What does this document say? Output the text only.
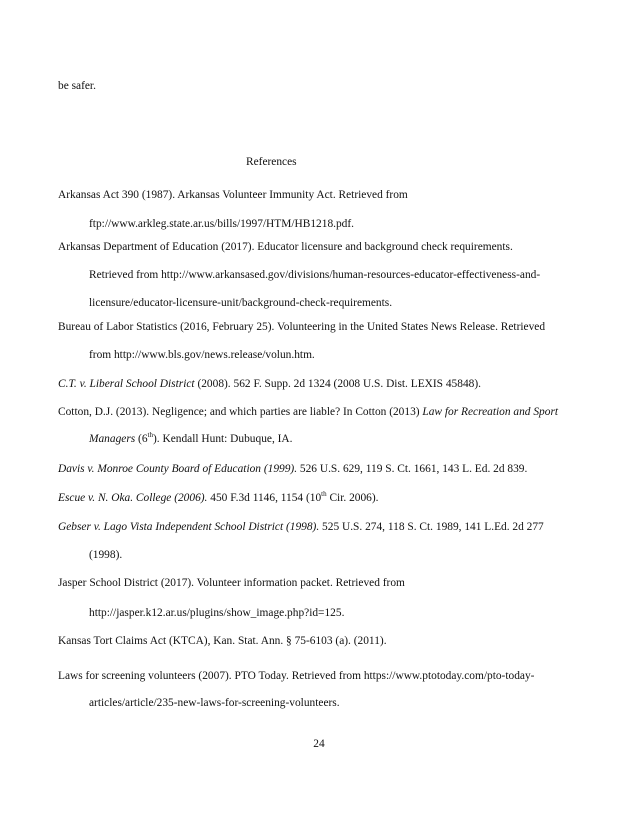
be safer.
References
Arkansas Act 390 (1987). Arkansas Volunteer Immunity Act. Retrieved from
ftp://www.arkleg.state.ar.us/bills/1997/HTM/HB1218.pdf.
Arkansas Department of Education (2017). Educator licensure and background check requirements.
Retrieved from http://www.arkansased.gov/divisions/human-resources-educator-effectiveness-and-
licensure/educator-licensure-unit/background-check-requirements.
Bureau of Labor Statistics (2016, February 25). Volunteering in the United States News Release. Retrieved
from http://www.bls.gov/news.release/volun.htm.
C.T. v. Liberal School District (2008). 562 F. Supp. 2d 1324 (2008 U.S. Dist. LEXIS 45848).
Cotton, D.J. (2013). Negligence; and which parties are liable? In Cotton (2013) Law for Recreation and Sport
Managers (6th). Kendall Hunt: Dubuque, IA.
Davis v. Monroe County Board of Education (1999). 526 U.S. 629, 119 S. Ct. 1661, 143 L. Ed. 2d 839.
Escue v. N. Oka. College (2006). 450 F.3d 1146, 1154 (10th Cir. 2006).
Gebser v. Lago Vista Independent School District (1998). 525 U.S. 274, 118 S. Ct. 1989, 141 L.Ed. 2d 277
(1998).
Jasper School District (2017). Volunteer information packet. Retrieved from
http://jasper.k12.ar.us/plugins/show_image.php?id=125.
Kansas Tort Claims Act (KTCA), Kan. Stat. Ann. § 75-6103 (a). (2011).
Laws for screening volunteers (2007). PTO Today. Retrieved from https://www.ptotoday.com/pto-today-
articles/article/235-new-laws-for-screening-volunteers.
24
